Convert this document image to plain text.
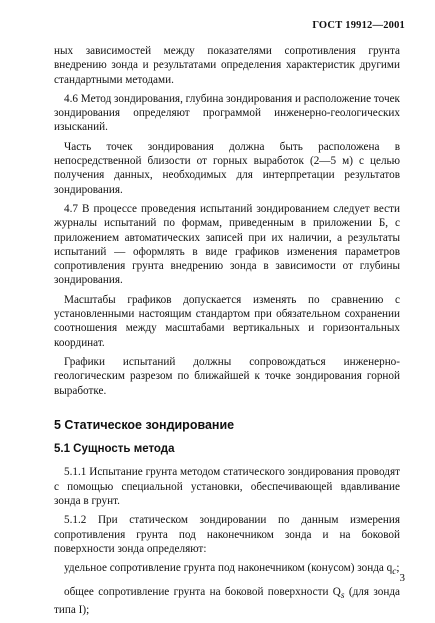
ГОСТ 19912—2001

ных зависимостей между показателями сопротивления грунта внедрению зонда и результатами определения характеристик другими стандартными методами.

4.6 Метод зондирования, глубина зондирования и расположение точек зондирования определяют программой инженерно-геологических изысканий.

Часть точек зондирования должна быть расположена в непосредственной близости от горных выработок (2—5 м) с целью получения данных, необходимых для интерпретации результатов зондирования.

4.7 В процессе проведения испытаний зондированием следует вести журналы испытаний по формам, приведенным в приложении Б, с приложением автоматических записей при их наличии, а результаты испытаний — оформлять в виде графиков изменения параметров сопротивления грунта внедрению зонда в зависимости от глубины зондирования.

Масштабы графиков допускается изменять по сравнению с установленными настоящим стандартом при обязательном сохранении соотношения между масштабами вертикальных и горизонтальных координат.

Графики испытаний должны сопровождаться инженерно-геологическим разрезом по ближайшей к точке зондирования горной выработке.

5 Статическое зондирование
5.1 Сущность метода

5.1.1 Испытание грунта методом статического зондирования проводят с помощью специальной установки, обеспечивающей вдавливание зонда в грунт.

5.1.2 При статическом зондировании по данным измерения сопротивления грунта под наконечником зонда и на боковой поверхности зонда определяют:

удельное сопротивление грунта под наконечником (конусом) зонда $q_c$;

общее сопротивление грунта на боковой поверхности $Q_s$ (для зонда типа I);

3
